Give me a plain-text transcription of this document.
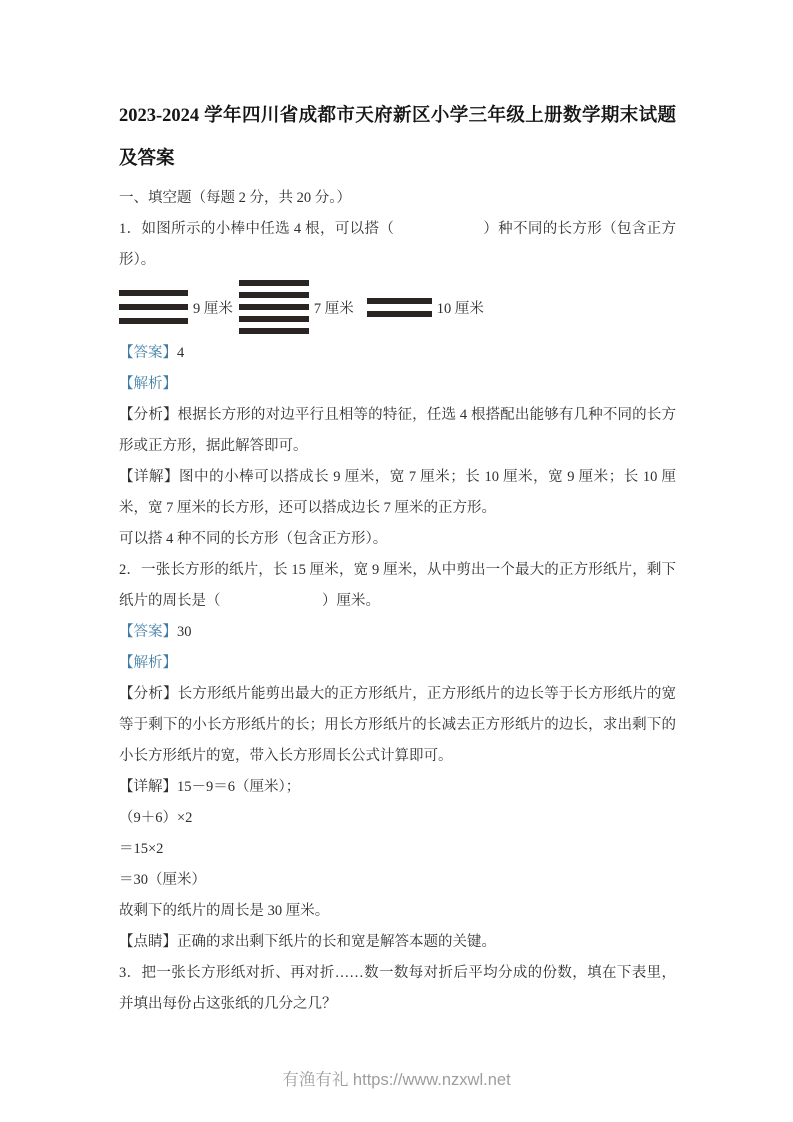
2023-2024 学年四川省成都市天府新区小学三年级上册数学期末试题及答案

一、填空题（每题 2 分，共 20 分。）

1．如图所示的小棒中任选 4 根，可以搭（　　　　　　）种不同的长方形（包含正方形）。

9 厘米	7 厘米	10 厘米

【答案】4

【解析】

【分析】根据长方形的对边平行且相等的特征，任选 4 根搭配出能够有几种不同的长方形或正方形，据此解答即可。

【详解】图中的小棒可以搭成长 9 厘米，宽 7 厘米；长 10 厘米，宽 9 厘米；长 10 厘米，宽 7 厘米的长方形，还可以搭成边长 7 厘米的正方形。

可以搭 4 种不同的长方形（包含正方形）。

2．一张长方形的纸片，长 15 厘米，宽 9 厘米，从中剪出一个最大的正方形纸片，剩下纸片的周长是（　　　　　　　）厘米。

【答案】30

【解析】

【分析】长方形纸片能剪出最大的正方形纸片，正方形纸片的边长等于长方形纸片的宽等于剩下的小长方形纸片的长；用长方形纸片的长减去正方形纸片的边长，求出剩下的小长方形纸片的宽，带入长方形周长公式计算即可。

【详解】15－9＝6（厘米）；

（9＋6）×2

＝15×2

＝30（厘米）

故剩下的纸片的周长是 30 厘米。

【点睛】正确的求出剩下纸片的长和宽是解答本题的关键。

3．把一张长方形纸对折、再对折……数一数每对折后平均分成的份数，填在下表里，并填出每份占这张纸的几分之几？

有渔有礼 https://www.nzxwl.net
